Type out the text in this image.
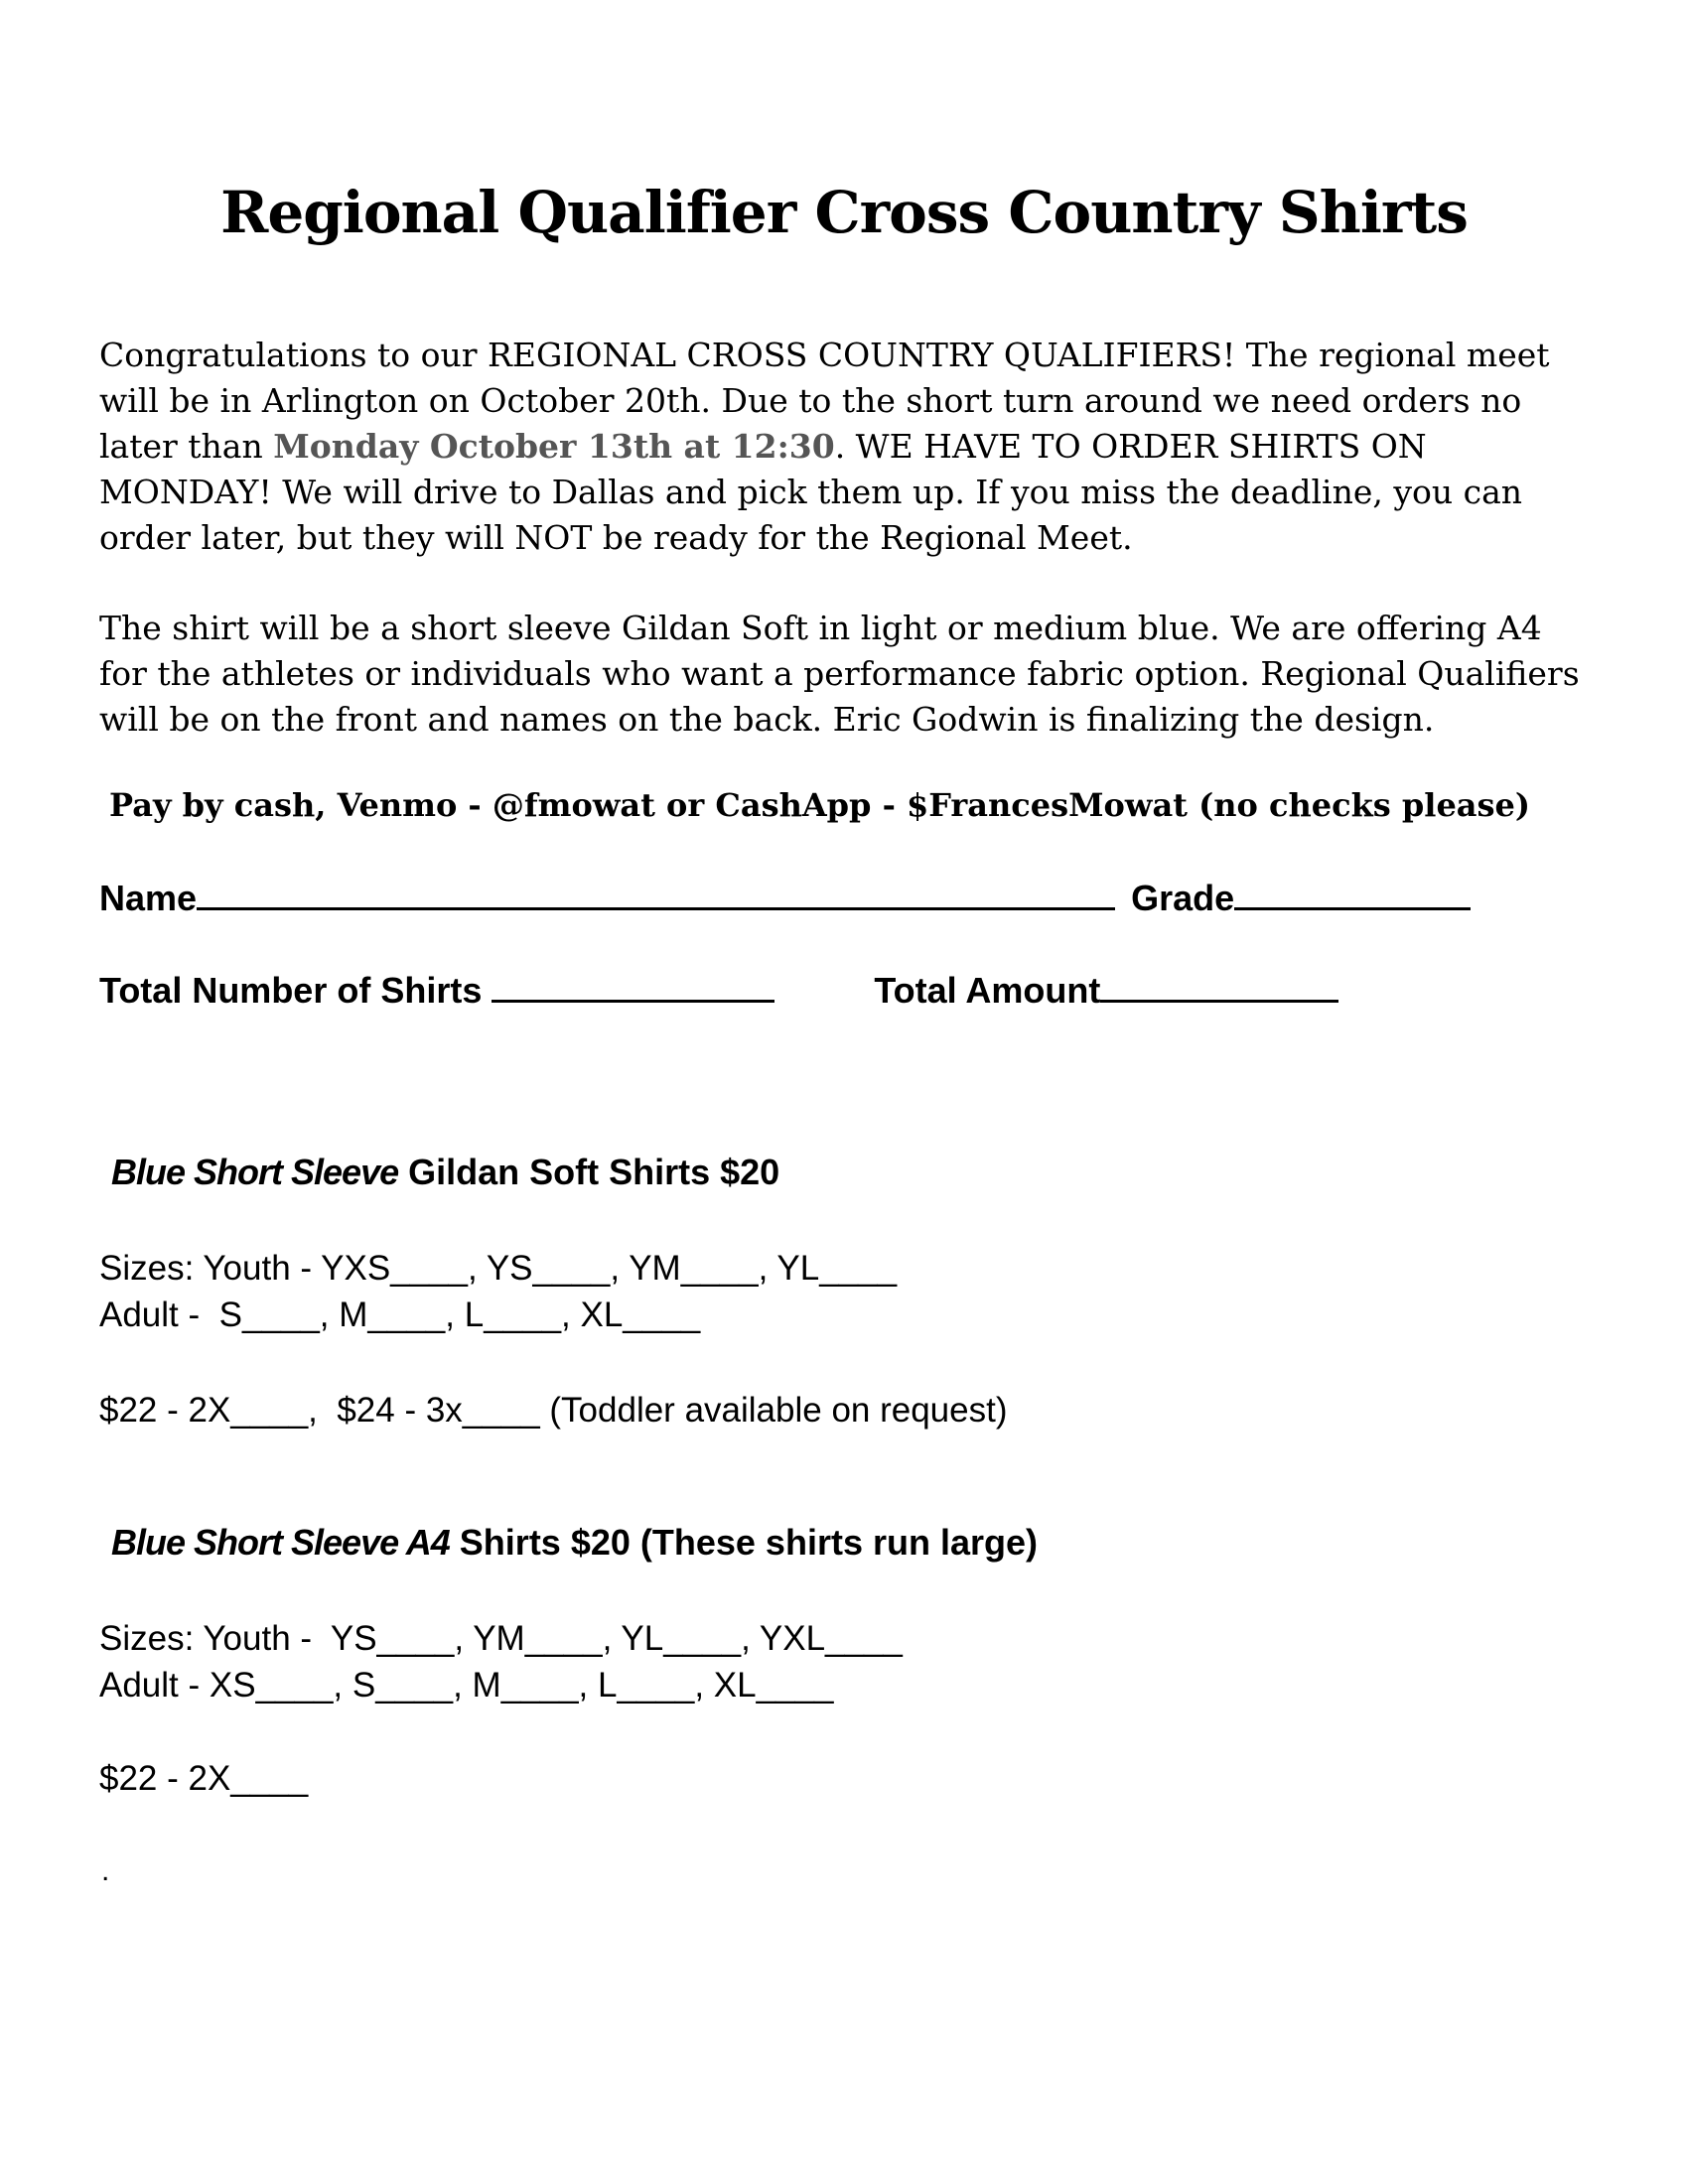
Regional Qualifier Cross Country Shirts

Congratulations to our REGIONAL CROSS COUNTRY QUALIFIERS! The regional meet will be in Arlington on October 20th. Due to the short turn around we need orders no later than Monday October 13th at 12:30. WE HAVE TO ORDER SHIRTS ON MONDAY! We will drive to Dallas and pick them up. If you miss the deadline, you can order later, but they will NOT be ready for the Regional Meet.

The shirt will be a short sleeve Gildan Soft in light or medium blue. We are offering A4 for the athletes or individuals who want a performance fabric option. Regional Qualifiers will be on the front and names on the back. Eric Godwin is finalizing the design.

Pay by cash, Venmo - @fmowat or CashApp - $FrancesMowat (no checks please)

Name	Grade
Total Number of Shirts	Total Amount
Blue Short Sleeve Gildan Soft Shirts $20
Sizes: Youth - YXS____, YS____, YM____, YL____
Adult -  S____, M____, L____, XL____
$22 - 2X____,  $24 - 3x____ (Toddler available on request)
Blue Short Sleeve A4 Shirts $20 (These shirts run large)
Sizes: Youth -  YS____, YM____, YL____, YXL____
Adult - XS____, S____, M____, L____, XL____
$22 - 2X____
.
